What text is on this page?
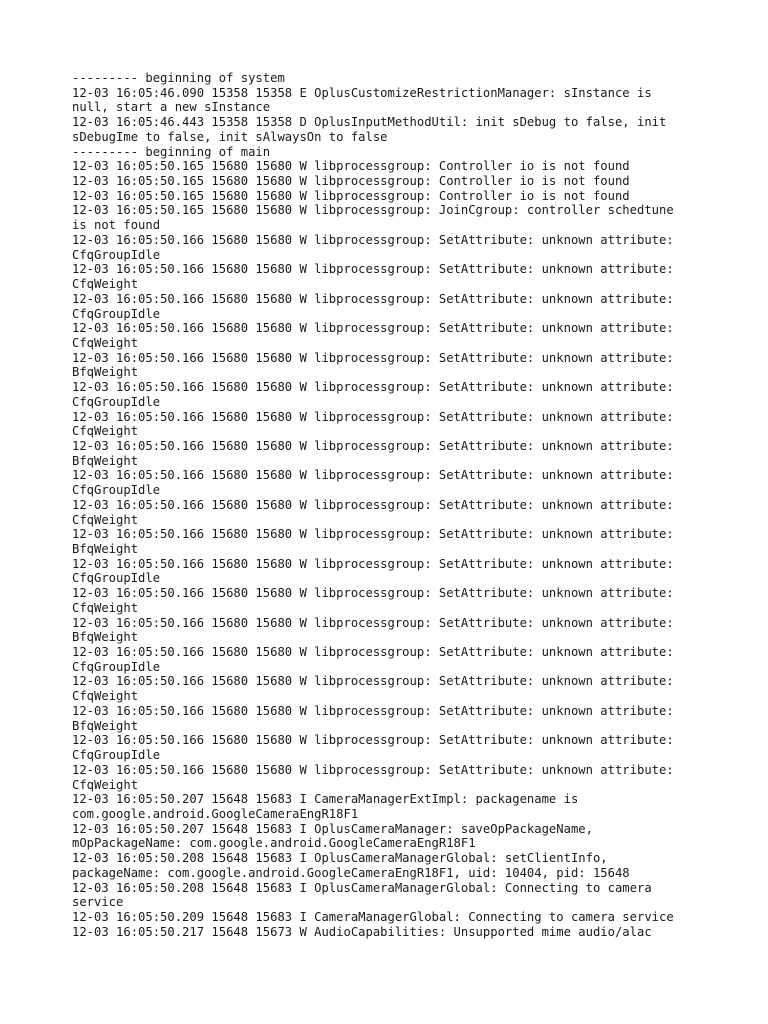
--------- beginning of system
12-03 16:05:46.090 15358 15358 E OplusCustomizeRestrictionManager: sInstance is
null, start a new sInstance
12-03 16:05:46.443 15358 15358 D OplusInputMethodUtil: init sDebug to false, init
sDebugIme to false, init sAlwaysOn to false
--------- beginning of main
12-03 16:05:50.165 15680 15680 W libprocessgroup: Controller io is not found
12-03 16:05:50.165 15680 15680 W libprocessgroup: Controller io is not found
12-03 16:05:50.165 15680 15680 W libprocessgroup: Controller io is not found
12-03 16:05:50.165 15680 15680 W libprocessgroup: JoinCgroup: controller schedtune
is not found
12-03 16:05:50.166 15680 15680 W libprocessgroup: SetAttribute: unknown attribute:
CfqGroupIdle
12-03 16:05:50.166 15680 15680 W libprocessgroup: SetAttribute: unknown attribute:
CfqWeight
12-03 16:05:50.166 15680 15680 W libprocessgroup: SetAttribute: unknown attribute:
CfqGroupIdle
12-03 16:05:50.166 15680 15680 W libprocessgroup: SetAttribute: unknown attribute:
CfqWeight
12-03 16:05:50.166 15680 15680 W libprocessgroup: SetAttribute: unknown attribute:
BfqWeight
12-03 16:05:50.166 15680 15680 W libprocessgroup: SetAttribute: unknown attribute:
CfqGroupIdle
12-03 16:05:50.166 15680 15680 W libprocessgroup: SetAttribute: unknown attribute:
CfqWeight
12-03 16:05:50.166 15680 15680 W libprocessgroup: SetAttribute: unknown attribute:
BfqWeight
12-03 16:05:50.166 15680 15680 W libprocessgroup: SetAttribute: unknown attribute:
CfqGroupIdle
12-03 16:05:50.166 15680 15680 W libprocessgroup: SetAttribute: unknown attribute:
CfqWeight
12-03 16:05:50.166 15680 15680 W libprocessgroup: SetAttribute: unknown attribute:
BfqWeight
12-03 16:05:50.166 15680 15680 W libprocessgroup: SetAttribute: unknown attribute:
CfqGroupIdle
12-03 16:05:50.166 15680 15680 W libprocessgroup: SetAttribute: unknown attribute:
CfqWeight
12-03 16:05:50.166 15680 15680 W libprocessgroup: SetAttribute: unknown attribute:
BfqWeight
12-03 16:05:50.166 15680 15680 W libprocessgroup: SetAttribute: unknown attribute:
CfqGroupIdle
12-03 16:05:50.166 15680 15680 W libprocessgroup: SetAttribute: unknown attribute:
CfqWeight
12-03 16:05:50.166 15680 15680 W libprocessgroup: SetAttribute: unknown attribute:
BfqWeight
12-03 16:05:50.166 15680 15680 W libprocessgroup: SetAttribute: unknown attribute:
CfqGroupIdle
12-03 16:05:50.166 15680 15680 W libprocessgroup: SetAttribute: unknown attribute:
CfqWeight
12-03 16:05:50.207 15648 15683 I CameraManagerExtImpl: packagename is
com.google.android.GoogleCameraEngR18F1
12-03 16:05:50.207 15648 15683 I OplusCameraManager: saveOpPackageName,
mOpPackageName: com.google.android.GoogleCameraEngR18F1
12-03 16:05:50.208 15648 15683 I OplusCameraManagerGlobal: setClientInfo,
packageName: com.google.android.GoogleCameraEngR18F1, uid: 10404, pid: 15648
12-03 16:05:50.208 15648 15683 I OplusCameraManagerGlobal: Connecting to camera
service
12-03 16:05:50.209 15648 15683 I CameraManagerGlobal: Connecting to camera service
12-03 16:05:50.217 15648 15673 W AudioCapabilities: Unsupported mime audio/alac
